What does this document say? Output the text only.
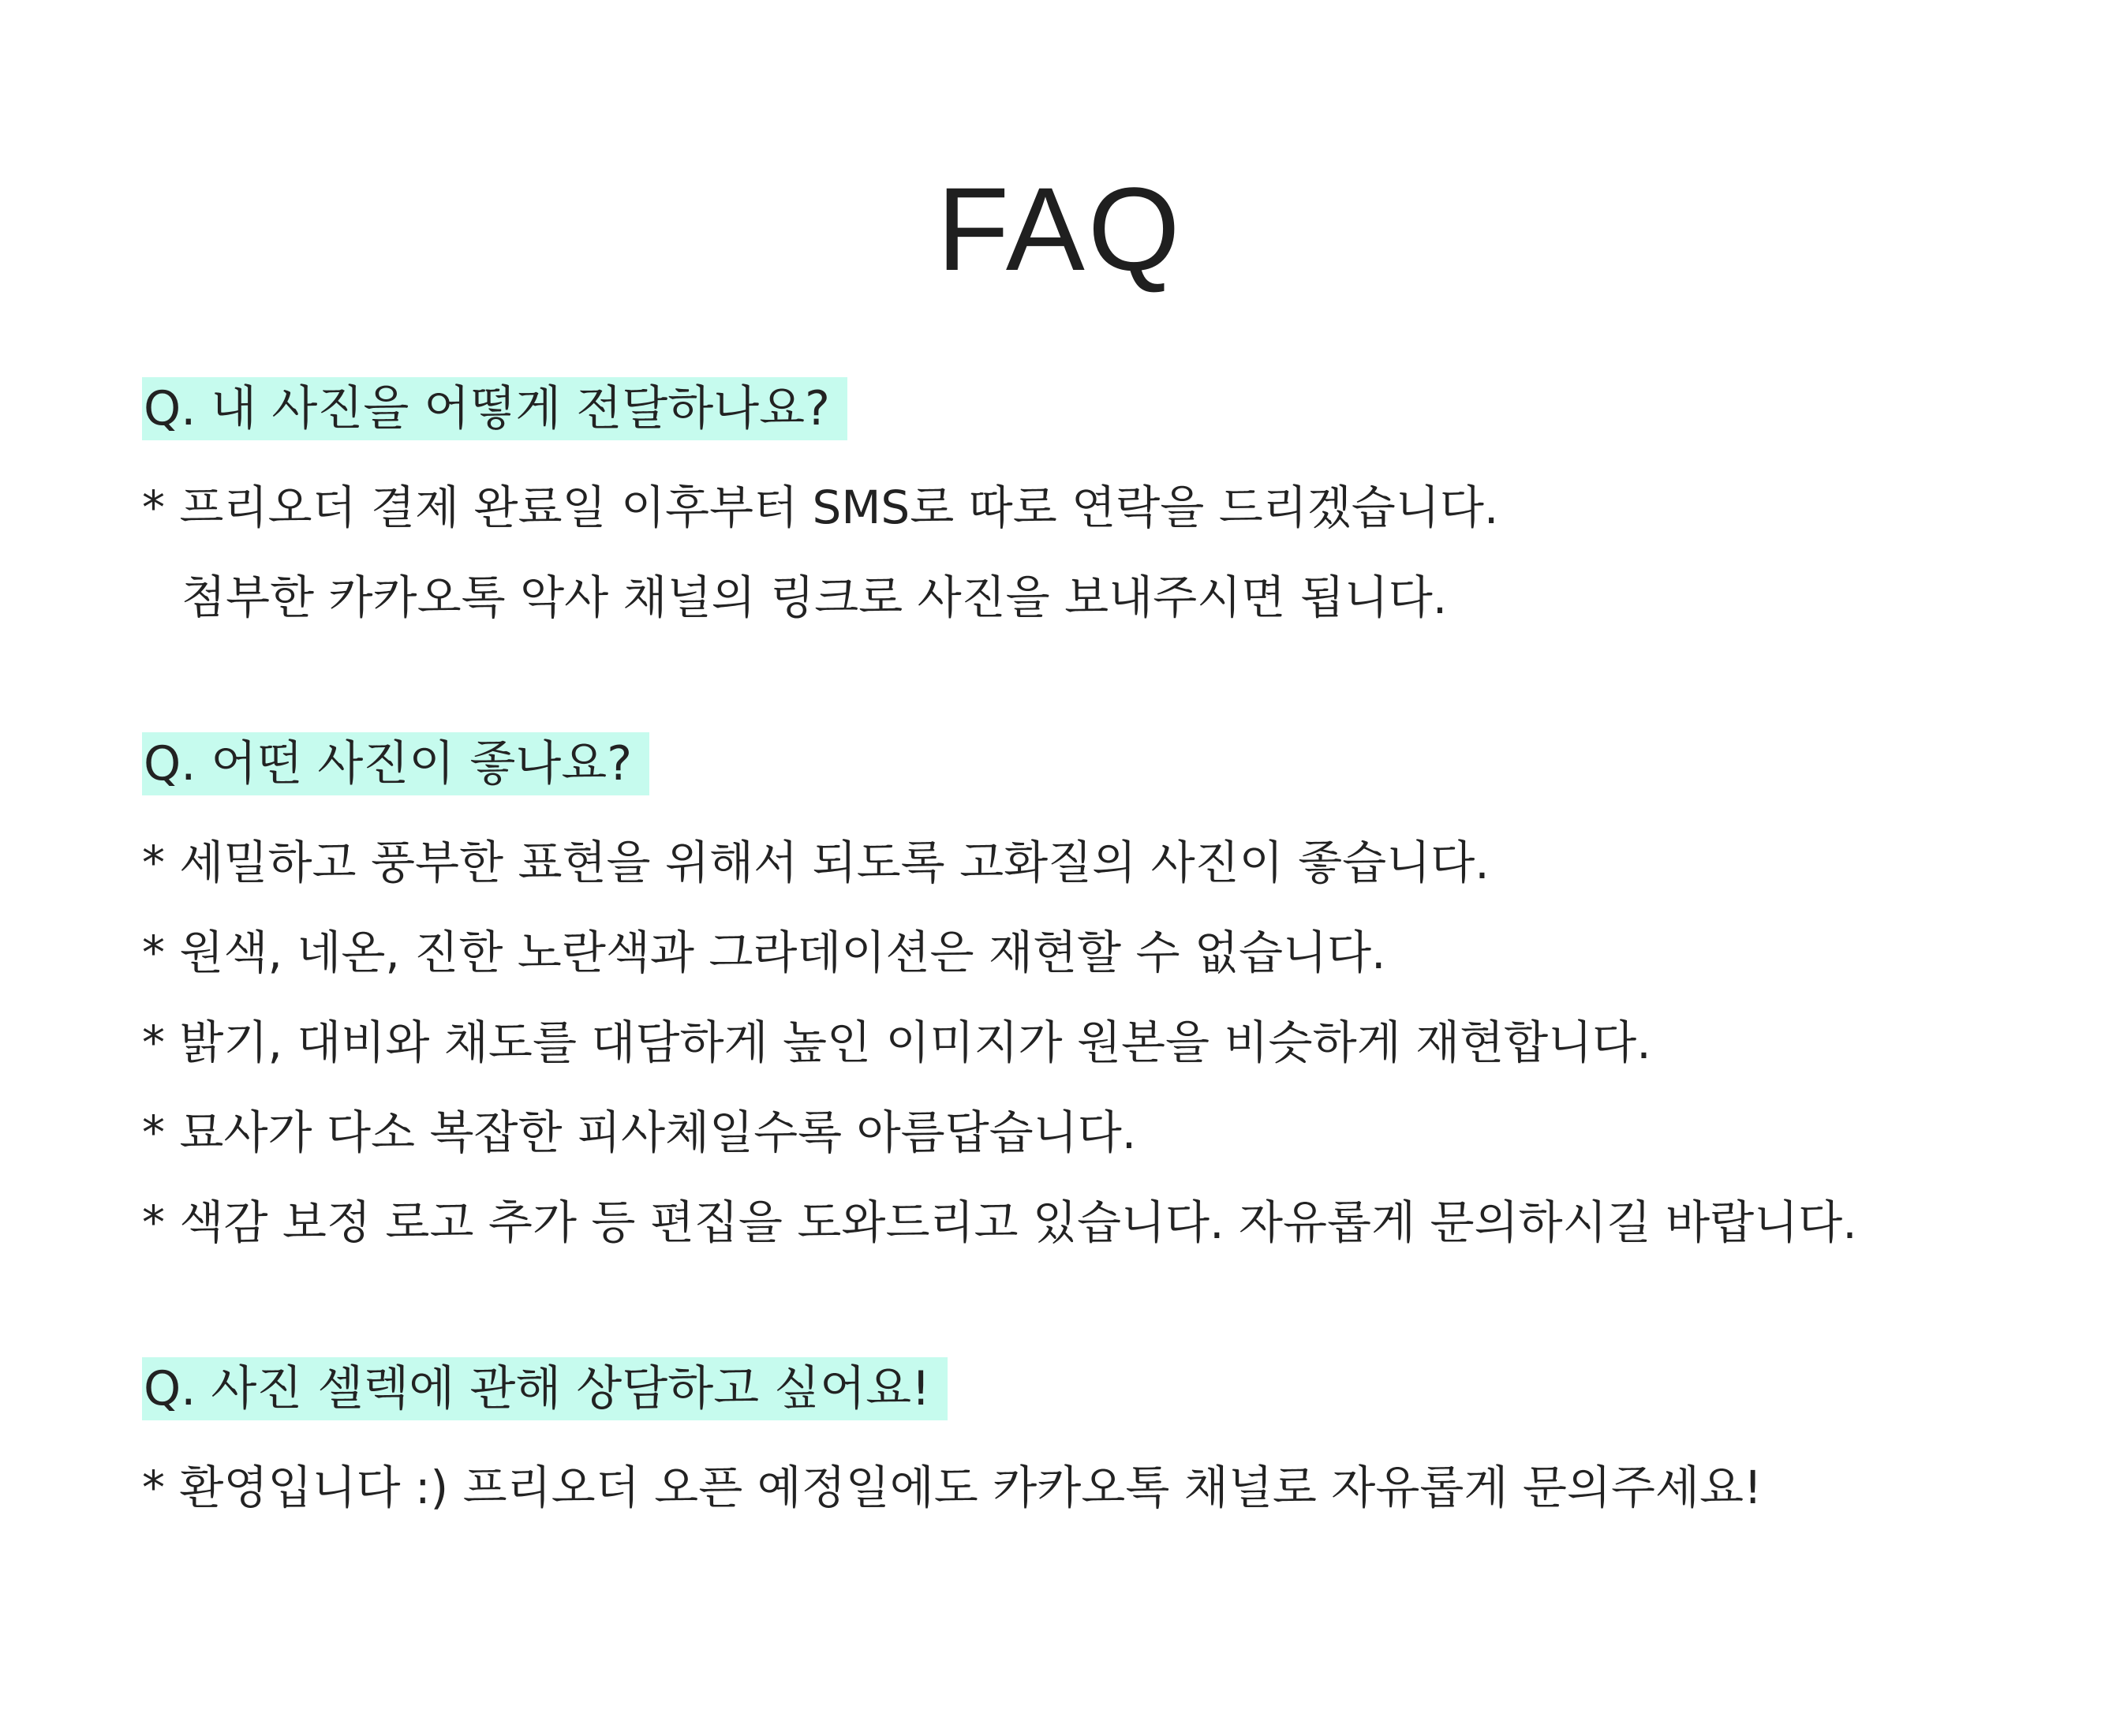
FAQ
Q. 내 사진을 어떻게 전달하나요?
* 프리오더 결제 완료일 이후부터 SMS로 따로 연락을 드리겠습니다.
첨부한 카카오톡 악사 채널의 링크로 사진을 보내주시면 됩니다.
Q. 어떤 사진이 좋나요?
* 세밀하고 풍부한 표현을 위해서 되도록 고화질의 사진이 좋습니다.
* 원색, 네온, 진한 노란색과 그라데이션은 재현할 수 없습니다.
* 밝기, 대비와 채도를 대담하게 높인 이미지가 원본을 비슷하게 재현합니다.
* 묘사가 다소 복잡한 피사체일수록 아름답습니다.
* 색감 보정 로고 추가 등 편집을 도와드리고 있습니다. 자유롭게 문의하시길 바랍니다.
Q. 사진 셀렉에 관해 상담하고 싶어요!
* 환영입니다 :) 프리오더 오픈 예정일에도 카카오톡 채널로 자유롭게 문의주세요!
